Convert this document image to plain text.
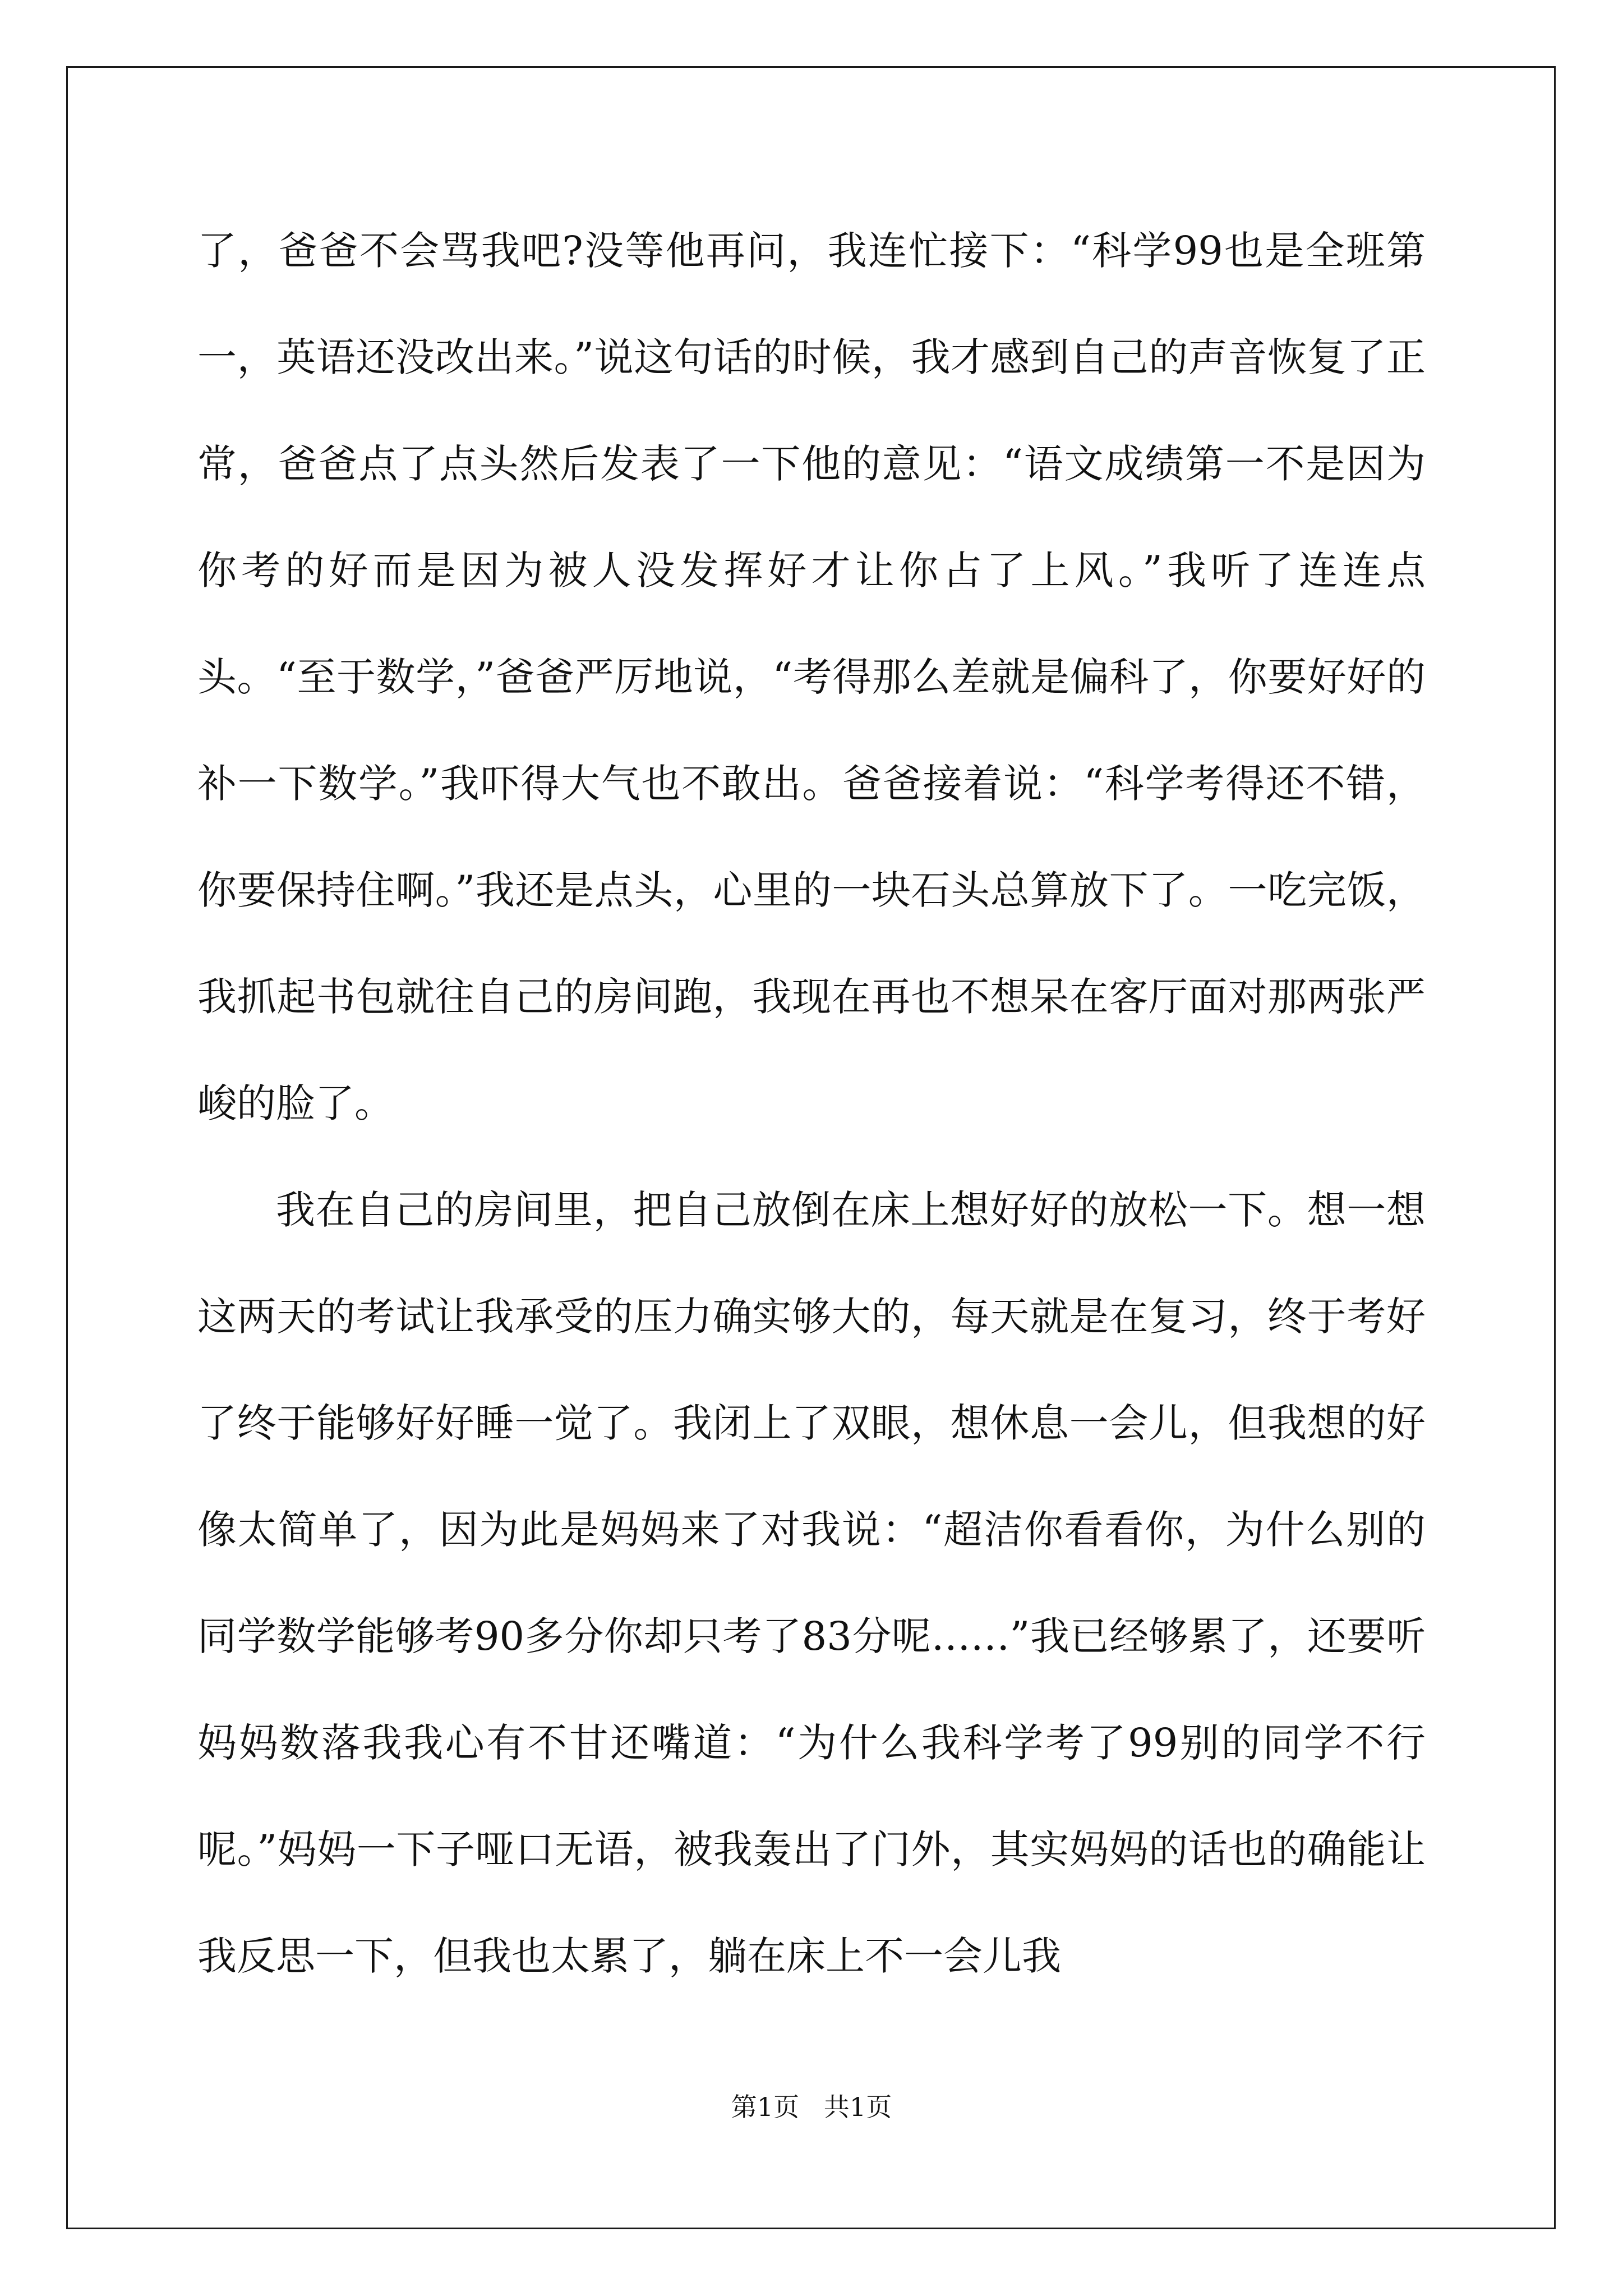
了，爸爸不会骂我吧?没等他再问，我连忙接下：“科学99也是全班第一，英语还没改出来。”说这句话的时候，我才感到自己的声音恢复了正常，爸爸点了点头然后发表了一下他的意见：“语文成绩第一不是因为你考的好而是因为被人没发挥好才让你占了上风。”我听了连连点头。“至于数学，”爸爸严厉地说，“考得那么差就是偏科了，你要好好的补一下数学。”我吓得大气也不敢出。爸爸接着说：“科学考得还不错，你要保持住啊。”我还是点头，心里的一块石头总算放下了。一吃完饭，我抓起书包就往自己的房间跑，我现在再也不想呆在客厅面对那两张严峻的脸了。

我在自己的房间里，把自己放倒在床上想好好的放松一下。想一想这两天的考试让我承受的压力确实够大的，每天就是在复习，终于考好了终于能够好好睡一觉了。我闭上了双眼，想休息一会儿，但我想的好像太简单了，因为此是妈妈来了对我说：“超洁你看看你，为什么别的同学数学能够考90多分你却只考了83分呢……”我已经够累了，还要听妈妈数落我我心有不甘还嘴道：“为什么我科学考了99别的同学不行呢。”妈妈一下子哑口无语，被我轰出了门外，其实妈妈的话也的确能让我反思一下，但我也太累了，躺在床上不一会儿我

第1页   共1页
